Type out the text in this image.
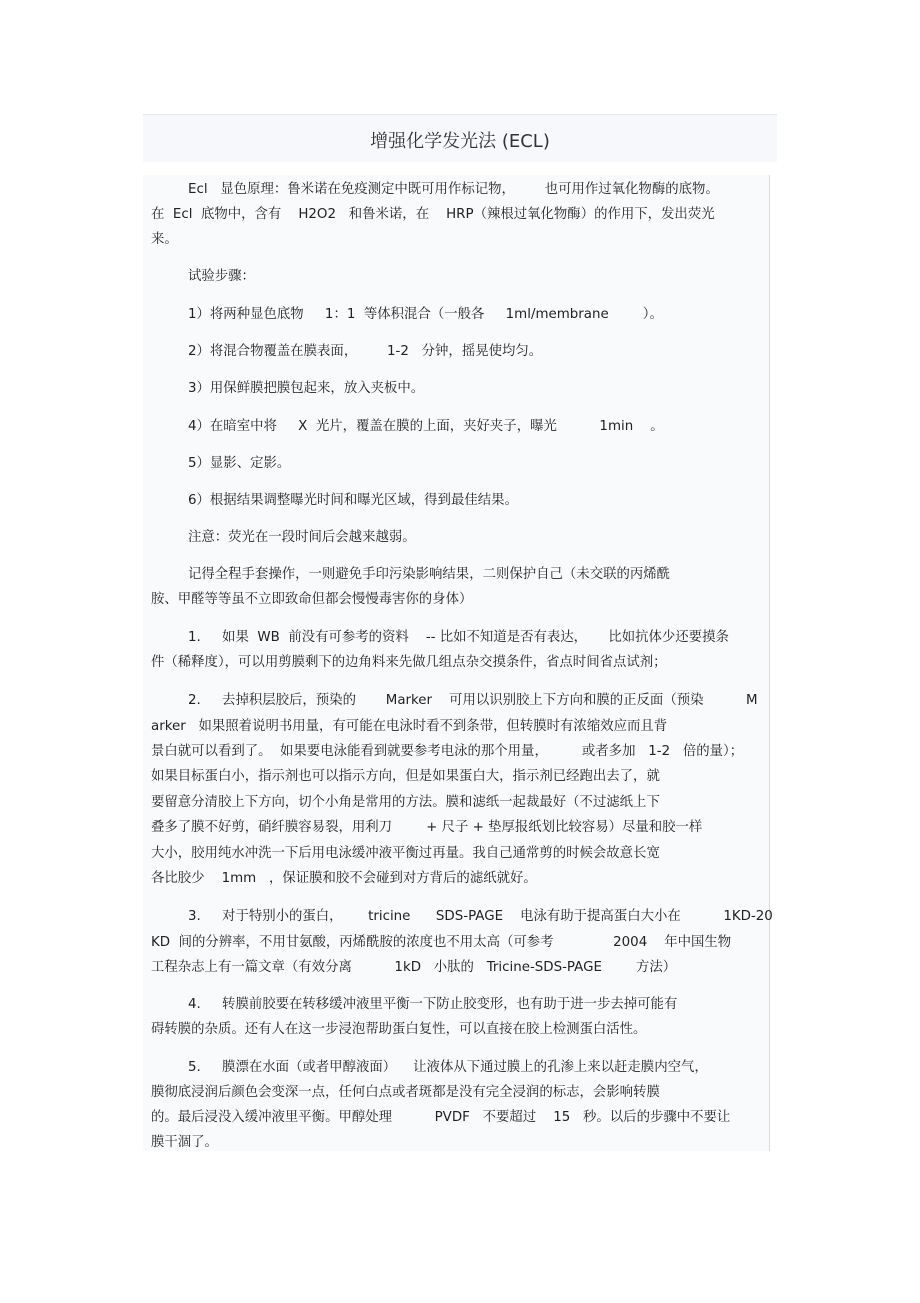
增强化学发光法 (ECL)
Ecl   显色原理：鲁米诺在免疫测定中既可用作标记物，       也可用作过氧化物酶的底物。
在  Ecl  底物中，含有    H2O2   和鲁米诺，在    HRP（辣根过氧化物酶）的作用下，发出荧光
来。
试验步骤：
1）将两种显色底物     1：1  等体积混合（一般各     1ml/membrane        ）。
2）将混合物覆盖在膜表面，       1-2   分钟，摇晃使均匀。
3）用保鲜膜把膜包起来，放入夹板中。
4）在暗室中将     X  光片，覆盖在膜的上面，夹好夹子，曝光          1min    。
5）显影、定影。
6）根据结果调整曝光时间和曝光区域，得到最佳结果。
注意：荧光在一段时间后会越来越弱。
记得全程手套操作，一则避免手印污染影响结果，二则保护自己（未交联的丙烯酰
胺、甲醛等等虽不立即致命但都会慢慢毒害你的身体）
1.     如果  WB  前没有可参考的资料    -- 比如不知道是否有表达，     比如抗体少还要摸条
件（稀释度），可以用剪膜剩下的边角料来先做几组点杂交摸条件，省点时间省点试剂；
2.     去掉积层胶后，预染的       Marker    可用以识别胶上下方向和膜的正反面（预染          M
arker   如果照着说明书用量，有可能在电泳时看不到条带，但转膜时有浓缩效应而且背
景白就可以看到了。  如果要电泳能看到就要参考电泳的那个用量，        或者多加   1-2   倍的量）；
如果目标蛋白小，指示剂也可以指示方向，但是如果蛋白大，指示剂已经跑出去了，就
要留意分清胶上下方向，切个小角是常用的方法。膜和滤纸一起裁最好（不过滤纸上下
叠多了膜不好剪，硝纤膜容易裂，用利刀        + 尺子 + 垫厚报纸划比较容易）尽量和胶一样
大小，胶用纯水冲洗一下后用电泳缓冲液平衡过再量。我自己通常剪的时候会故意长宽
各比胶少    1mm   ，保证膜和胶不会碰到对方背后的滤纸就好。
3.     对于特别小的蛋白，      tricine      SDS-PAGE    电泳有助于提高蛋白大小在          1KD-20
KD  间的分辨率，不用甘氨酸，丙烯酰胺的浓度也不用太高（可参考              2004    年中国生物
工程杂志上有一篇文章（有效分离          1kD   小肽的   Tricine-SDS-PAGE        方法）
4.     转膜前胶要在转移缓冲液里平衡一下防止胶变形，也有助于进一步去掉可能有
碍转膜的杂质。还有人在这一步浸泡帮助蛋白复性，可以直接在胶上检测蛋白活性。
5.     膜漂在水面（或者甲醇液面）    让液体从下通过膜上的孔渗上来以赶走膜内空气，
膜彻底浸润后颜色会变深一点，任何白点或者斑都是没有完全浸润的标志，会影响转膜
的。最后浸没入缓冲液里平衡。甲醇处理          PVDF   不要超过    15   秒。以后的步骤中不要让
膜干涸了。
